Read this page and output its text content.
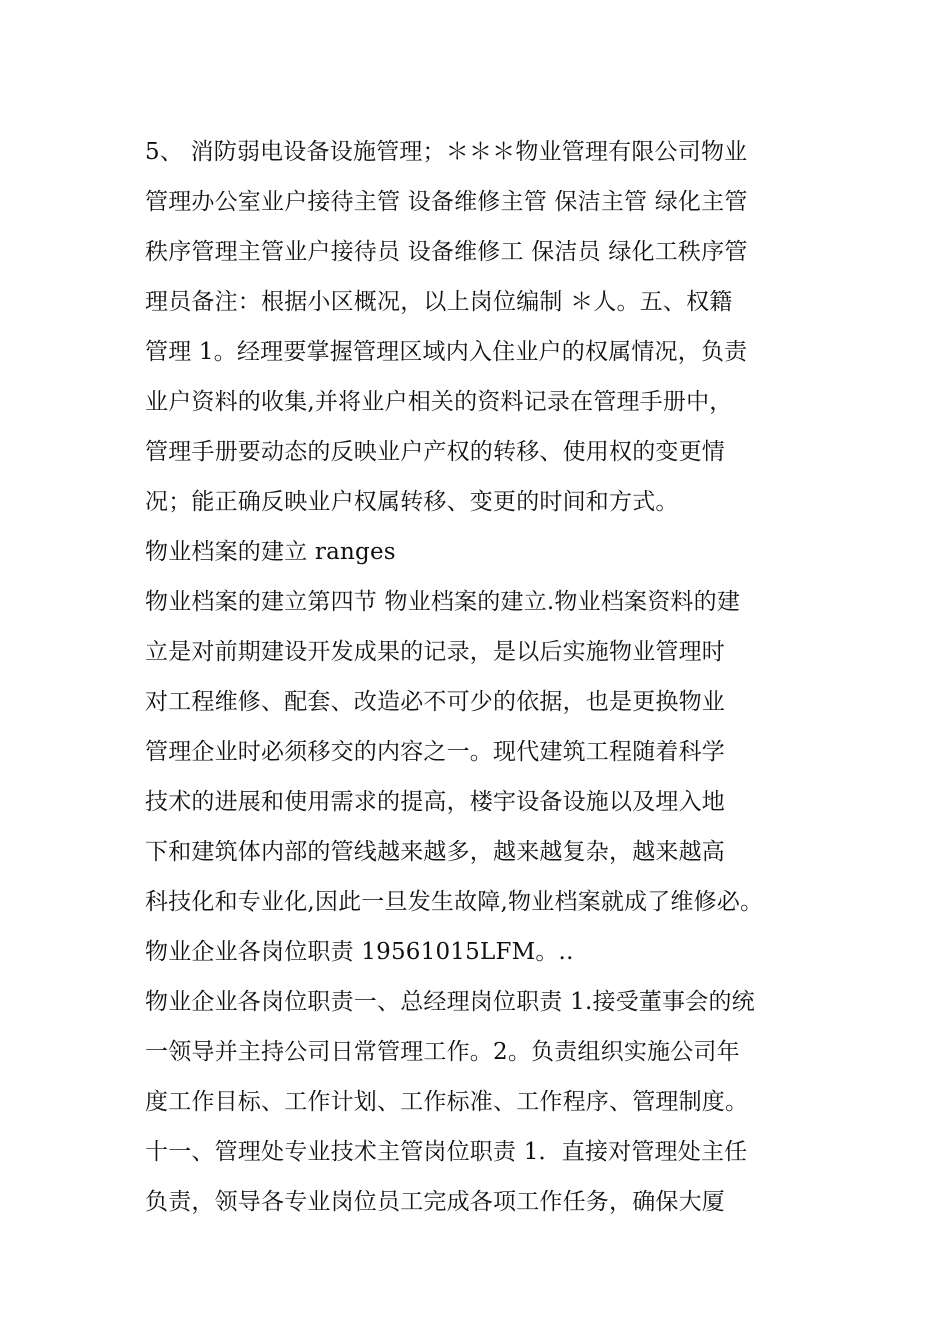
5、 消防弱电设备设施管理；＊＊＊物业管理有限公司物业
管理办公室业户接待主管 设备维修主管 保洁主管 绿化主管
秩序管理主管业户接待员 设备维修工 保洁员 绿化工秩序管
理员备注：根据小区概况，以上岗位编制 ＊人。五、权籍
管理 1。经理要掌握管理区域内入住业户的权属情况，负责
业户资料的收集,并将业户相关的资料记录在管理手册中，
管理手册要动态的反映业户产权的转移、使用权的变更情
况；能正确反映业户权属转移、变更的时间和方式。
物业档案的建立 ranges
物业档案的建立第四节 物业档案的建立.物业档案资料的建
立是对前期建设开发成果的记录，是以后实施物业管理时
对工程维修、配套、改造必不可少的依据，也是更换物业
管理企业时必须移交的内容之一。现代建筑工程随着科学
技术的进展和使用需求的提高，楼宇设备设施以及埋入地
下和建筑体内部的管线越来越多，越来越复杂，越来越高
科技化和专业化,因此一旦发生故障,物业档案就成了维修必。
物业企业各岗位职责 19561015LFM。..
物业企业各岗位职责一、总经理岗位职责 1.接受董事会的统
一领导并主持公司日常管理工作。2。负责组织实施公司年
度工作目标、工作计划、工作标准、工作程序、管理制度。
十一、管理处专业技术主管岗位职责 1．直接对管理处主任
负责，领导各专业岗位员工完成各项工作任务，确保大厦
